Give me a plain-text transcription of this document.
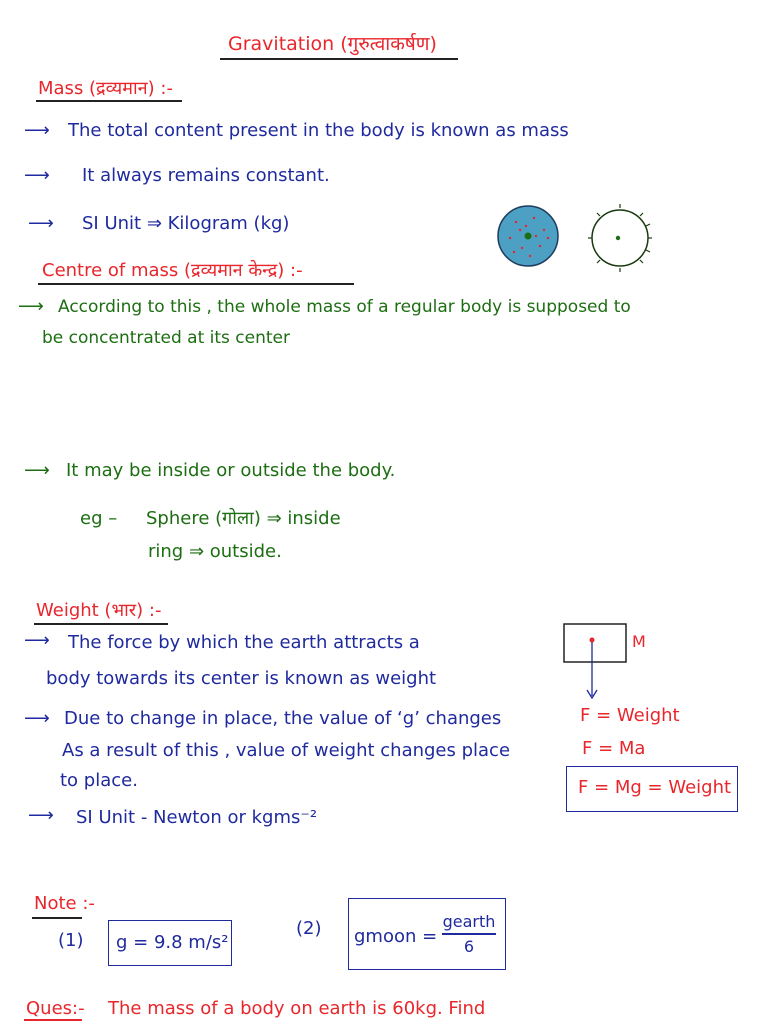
Gravitation (गुरुत्वाकर्षण)
Mass (द्रव्यमान) :-
⟶ The total content present in the body is known as mass
⟶ It always remains constant.
⟶ SI Unit ⇒ Kilogram (kg)
Centre of mass (द्रव्यमान केन्द्र) :-
⟶ According to this , the whole mass of a regular body is supposed to
be concentrated at its center
⟶ It may be inside or outside the body.
eg – Sphere (गोला) ⇒ inside
ring ⇒ outside.
Weight (भार) :-
⟶ The force by which the earth attracts a
body towards its center is known as weight
⟶ Due to change in place, the value of ‘g’ changes
As a result of this , value of weight changes place
to place.
⟶ SI Unit - Newton or kgms⁻²
M
F = Weight
F = Ma
F = Mg = Weight
Note :-
(1) g = 9.8 m/s²
(2) gmoon =
gearth
6
Ques:- The mass of a body on earth is 60kg. Find
